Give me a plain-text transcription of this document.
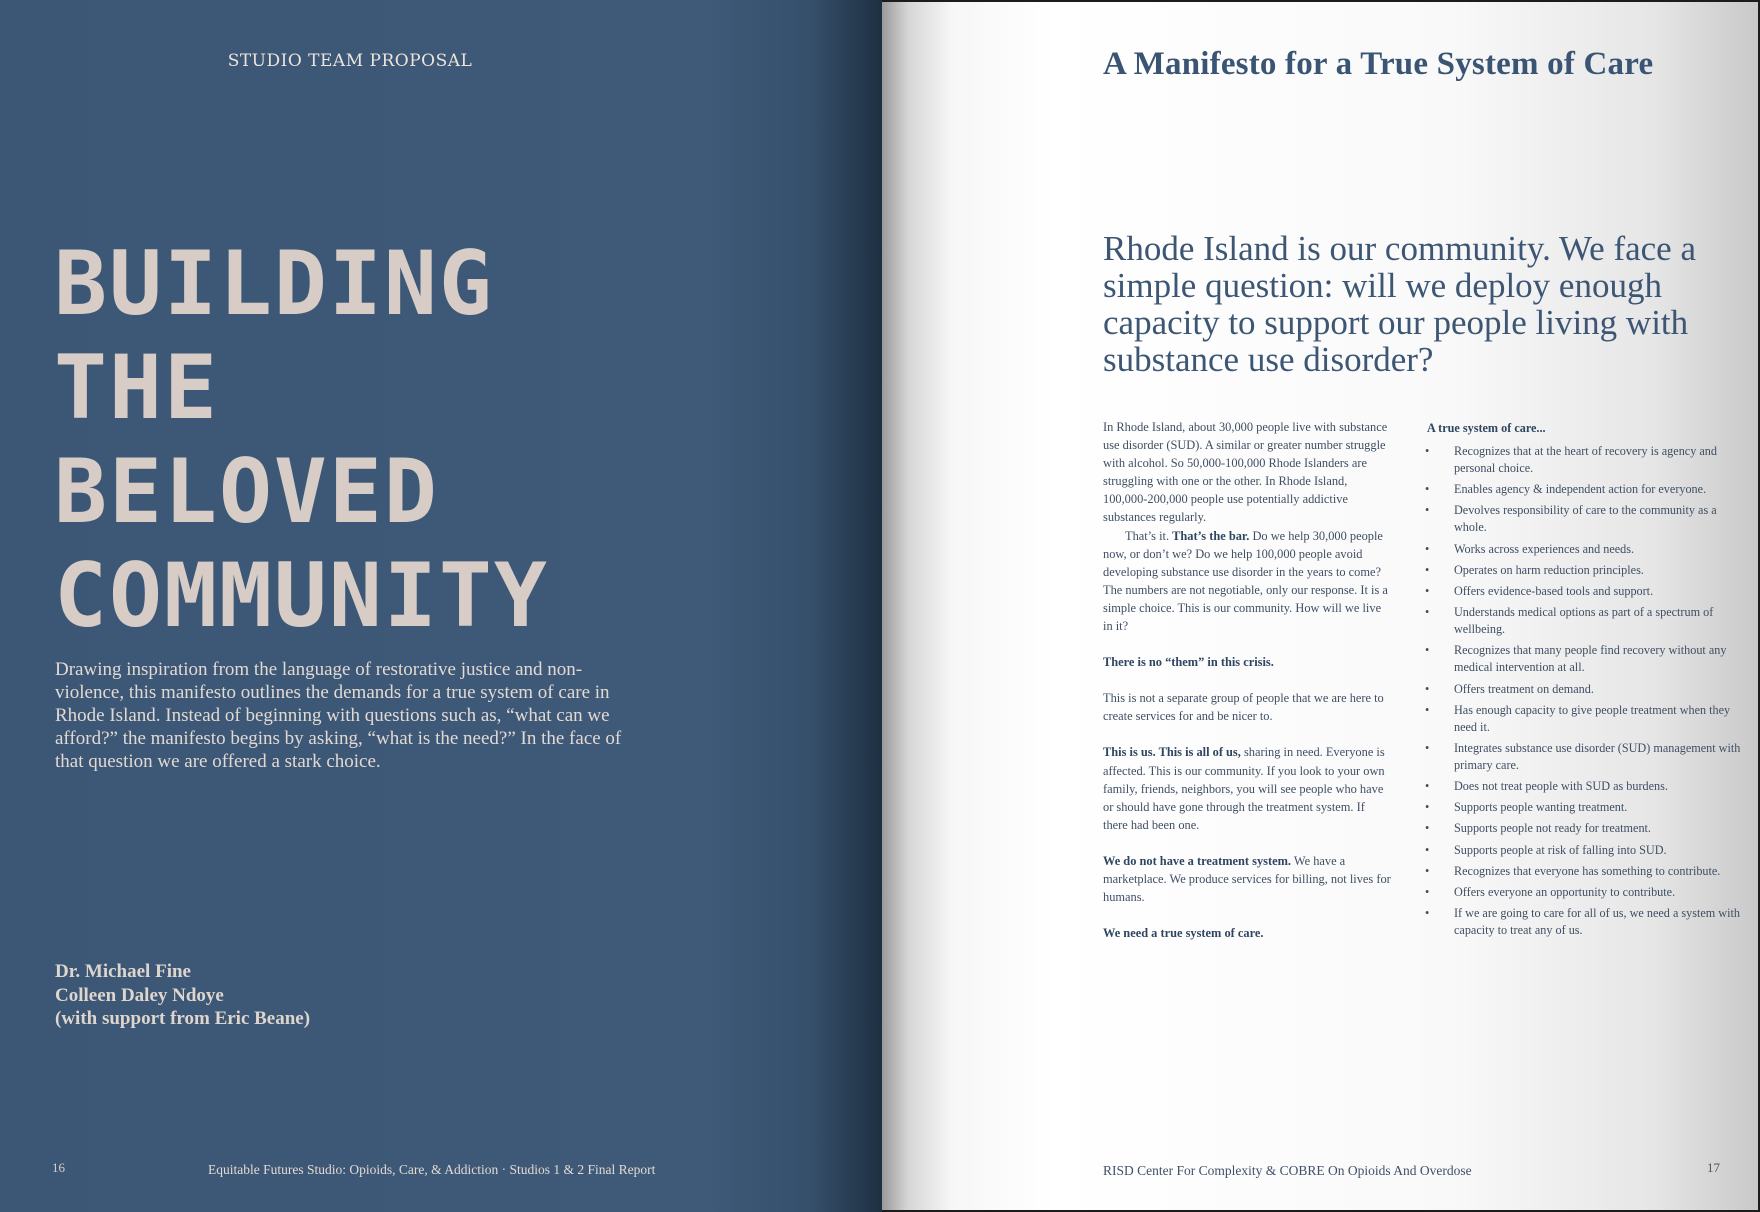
STUDIO TEAM PROPOSAL
BUILDING
THE
BELOVED
COMMUNITY

Drawing inspiration from the language of restorative justice and non-violence, this manifesto outlines the demands for a true system of care in Rhode Island. Instead of beginning with questions such as, “what can we afford?” the manifesto begins by asking, “what is the need?” In the face of that question we are offered a stark choice.

Dr. Michael Fine
Colleen Daley Ndoye
(with support from Eric Beane)
16	Equitable Futures Studio: Opioids, Care, & Addiction · Studios 1 & 2 Final Report
A Manifesto for a True System of Care

Rhode Island is our community. We face a simple question: will we deploy enough capacity to support our people living with substance use disorder?

In Rhode Island, about 30,000 people live with substance use disorder (SUD). A similar or greater number struggle with alcohol. So 50,000-100,000 Rhode Islanders are struggling with one or the other. In Rhode Island, 100,000-200,000 people use potentially addictive substances regularly.

That’s it. That’s the bar. Do we help 30,000 people now, or don’t we? Do we help 100,000 people avoid developing substance use disorder in the years to come? The numbers are not negotiable, only our response. It is a simple choice. This is our community. How will we live in it?

There is no “them” in this crisis.

This is not a separate group of people that we are here to create services for and be nicer to.

This is us. This is all of us, sharing in need. Everyone is affected. This is our community. If you look to your own family, friends, neighbors, you will see people who have or should have gone through the treatment system. If there had been one.

We do not have a treatment system. We have a marketplace. We produce services for billing, not lives for humans.

We need a true system of care.

A true system of care...
• Recognizes that at the heart of recovery is agency and personal choice.
• Enables agency & independent action for everyone.
• Devolves responsibility of care to the community as a whole.
• Works across experiences and needs.
• Operates on harm reduction principles.
• Offers evidence-based tools and support.
• Understands medical options as part of a spectrum of wellbeing.
• Recognizes that many people find recovery without any medical intervention at all.
• Offers treatment on demand.
• Has enough capacity to give people treatment when they need it.
• Integrates substance use disorder (SUD) management with primary care.
• Does not treat people with SUD as burdens.
• Supports people wanting treatment.
• Supports people not ready for treatment.
• Supports people at risk of falling into SUD.
• Recognizes that everyone has something to contribute.
• Offers everyone an opportunity to contribute.
• If we are going to care for all of us, we need a system with capacity to treat any of us.
RISD Center For Complexity & COBRE On Opioids And Overdose	17
